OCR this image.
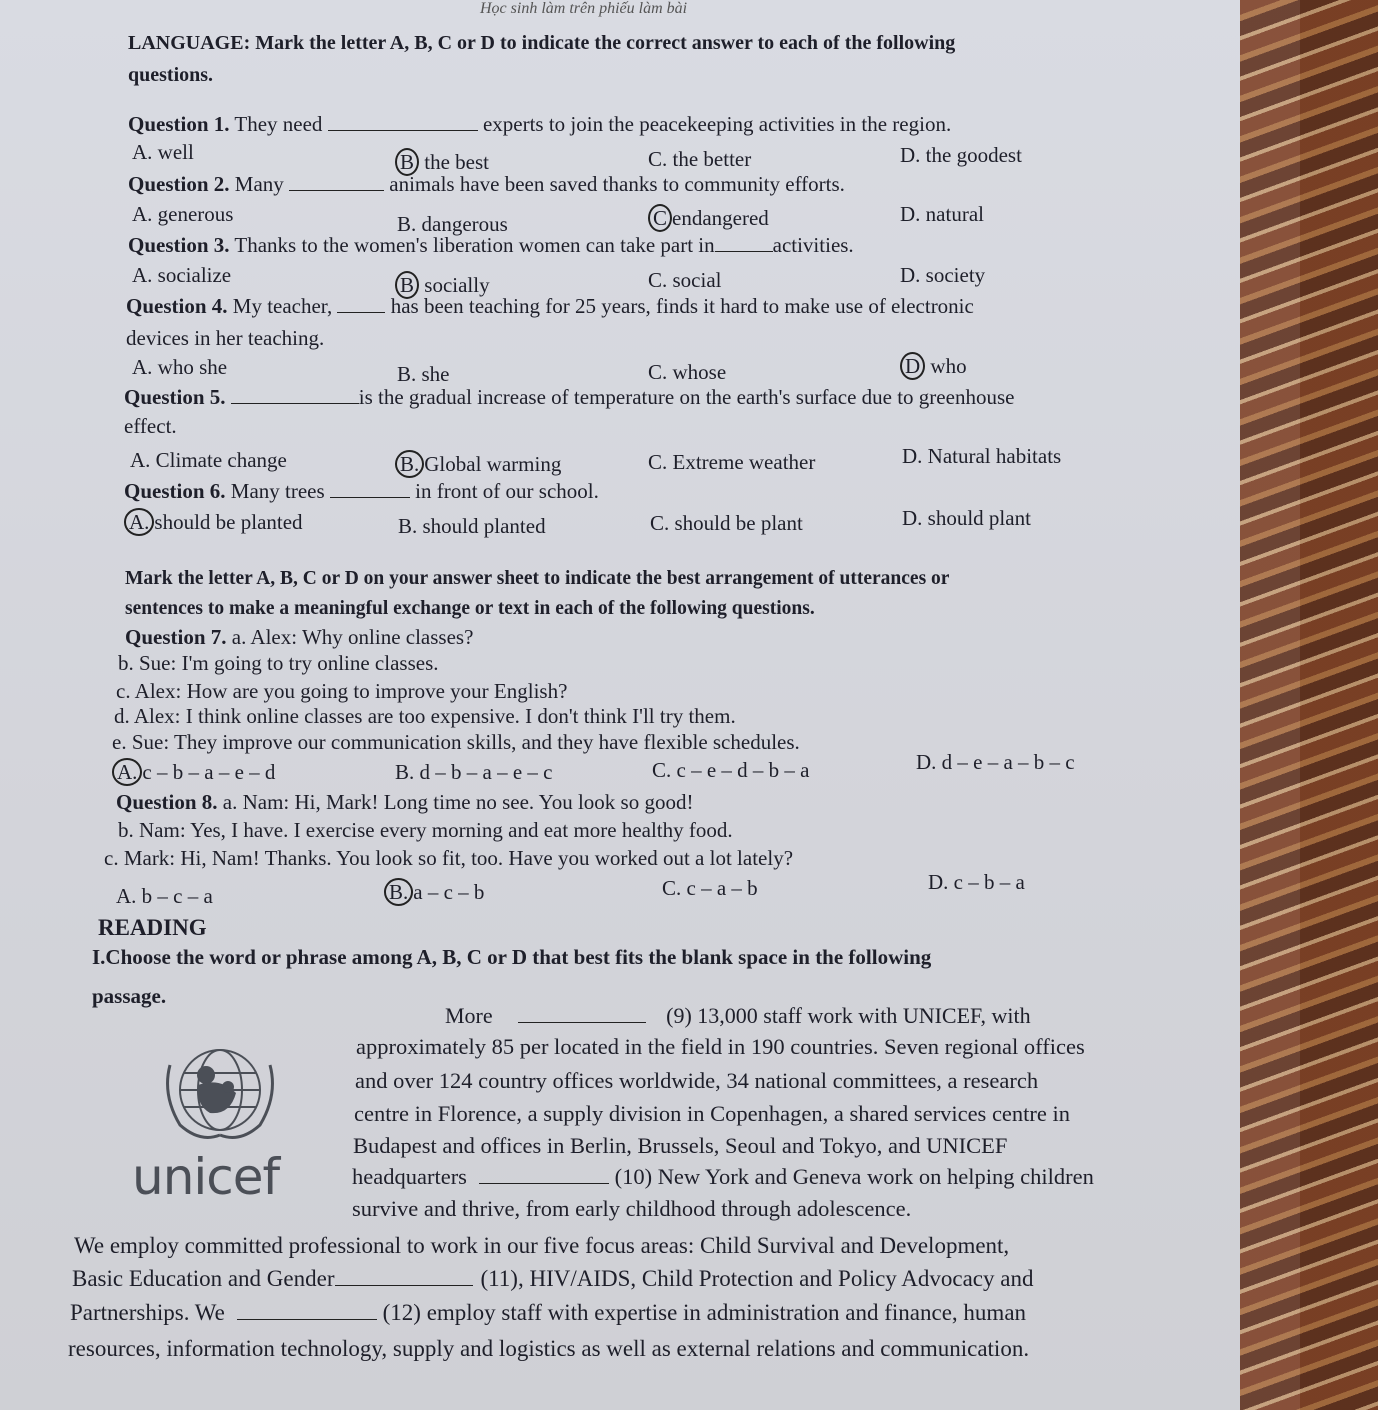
Học sinh làm trên phiếu làm bài
LANGUAGE: Mark the letter A, B, C or D to indicate the correct answer to each of the following
questions.
Question 1. They need	experts to join the peacekeeping activities in the region.
A. well	B the best	C. the better	D. the goodest
Question 2. Many	animals have been saved thanks to community efforts.
A. generous	B. dangerous	C endangered	D. natural
Question 3. Thanks to the women's liberation women can take part in	activities.
A. socialize	B socially	C. social	D. society
Question 4. My teacher,	has been teaching for 25 years, finds it hard to make use of electronic
devices in her teaching.
A. who she	B. she	C. whose	D who
Question 5.	is the gradual increase of temperature on the earth's surface due to greenhouse
effect.
A. Climate change	B. Global warming	C. Extreme weather	D. Natural habitats
Question 6. Many trees	in front of our school.
A. should be planted	B. should planted	C. should be plant	D. should plant
Mark the letter A, B, C or D on your answer sheet to indicate the best arrangement of utterances or
sentences to make a meaningful exchange or text in each of the following questions.
Question 7. a. Alex: Why online classes?
b. Sue: I'm going to try online classes.
c. Alex: How are you going to improve your English?
d. Alex: I think online classes are too expensive. I don't think I'll try them.
e. Sue: They improve our communication skills, and they have flexible schedules.
A. c – b – a – e – d	B. d – b – a – e – c	C. c – e – d – b – a	D. d – e – a – b – c
Question 8. a. Nam: Hi, Mark! Long time no see. You look so good!
b. Nam: Yes, I have. I exercise every morning and eat more healthy food.
c. Mark: Hi, Nam! Thanks. You look so fit, too. Have you worked out a lot lately?
A. b – c – a	B. a – c – b	C. c – a – b	D. c – b – a
READING
I.Choose the word or phrase among A, B, C or D that best fits the blank space in the following
passage.
More	(9) 13,000 staff work with UNICEF, with
approximately 85 per located in the field in 190 countries. Seven regional offices
and over 124 country offices worldwide, 34 national committees, a research
centre in Florence, a supply division in Copenhagen, a shared services centre in
Budapest and offices in Berlin, Brussels, Seoul and Tokyo, and UNICEF
headquarters	(10) New York and Geneva work on helping children
survive and thrive, from early childhood through adolescence.
We employ committed professional to work in our five focus areas: Child Survival and Development,
Basic Education and Gender	(11), HIV/AIDS, Child Protection and Policy Advocacy and
Partnerships. We	(12) employ staff with expertise in administration and finance, human
resources, information technology, supply and logistics as well as external relations and communication.
unicef
